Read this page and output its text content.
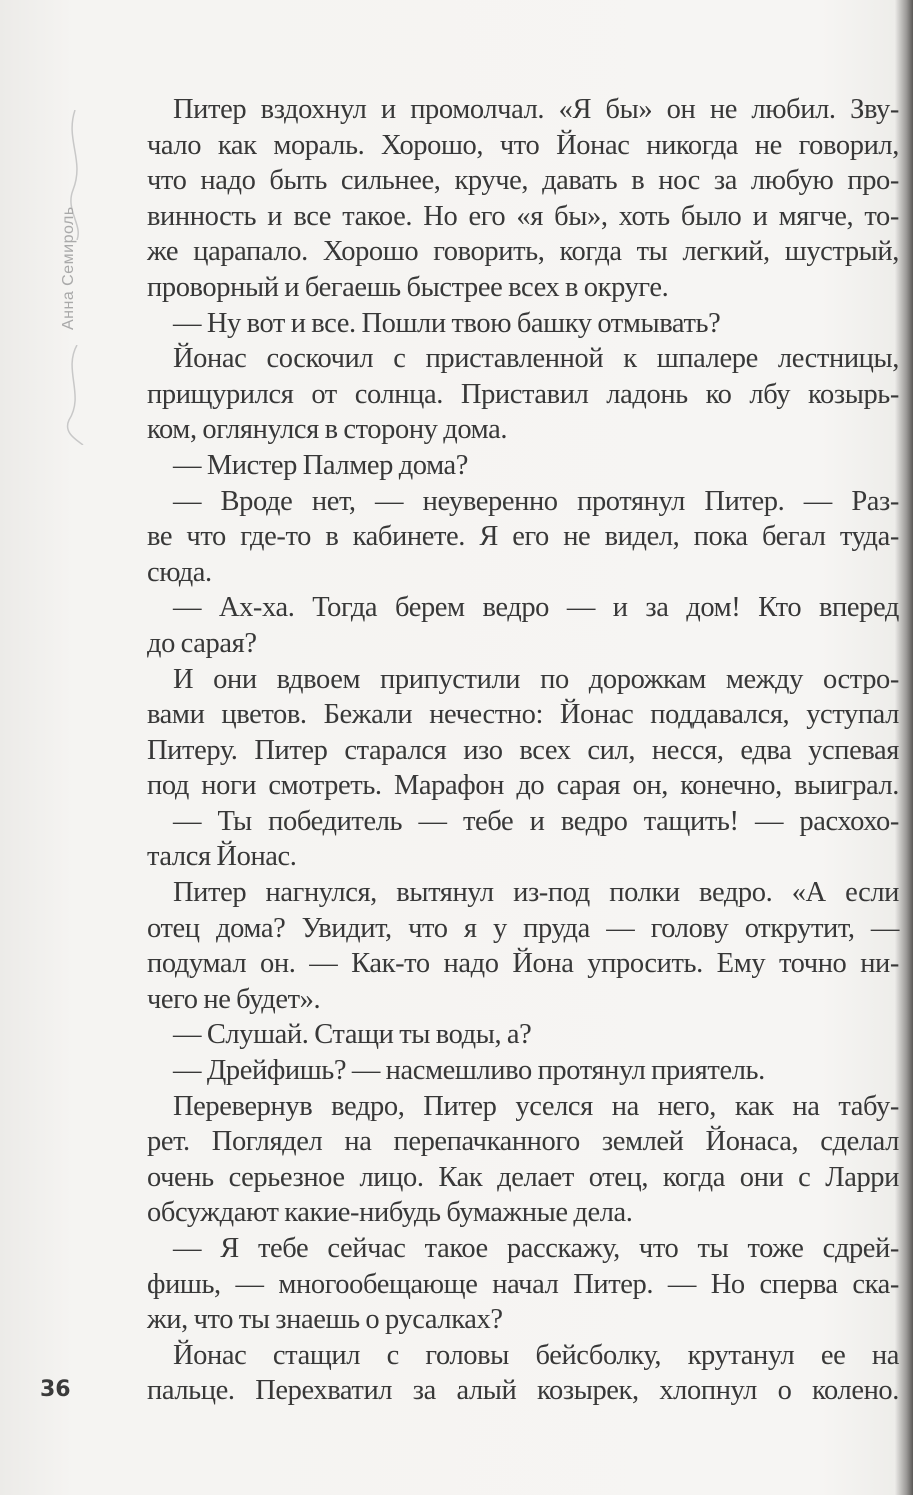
Анна Семироль
Питер вздохнул и промолчал. «Я бы» он не любил. Зву-
чало как мораль. Хорошо, что Йонас никогда не говорил,
что надо быть сильнее, круче, давать в нос за любую про-
винность и все такое. Но его «я бы», хоть было и мягче, то-
же царапало. Хорошо говорить, когда ты легкий, шустрый,
проворный и бегаешь быстрее всех в округе.
— Ну вот и все. Пошли твою башку отмывать?
Йонас соскочил с приставленной к шпалере лестницы,
прищурился от солнца. Приставил ладонь ко лбу козырь-
ком, оглянулся в сторону дома.
— Мистер Палмер дома?
— Вроде нет, — неуверенно протянул Питер. — Раз-
ве что где-то в кабинете. Я его не видел, пока бегал туда-
сюда.
— Ах-ха. Тогда берем ведро — и за дом! Кто вперед
до сарая?
И они вдвоем припустили по дорожкам между остро-
вами цветов. Бежали нечестно: Йонас поддавался, уступал
Питеру. Питер старался изо всех сил, несся, едва успевая
под ноги смотреть. Марафон до сарая он, конечно, выиграл.
— Ты победитель — тебе и ведро тащить! — расхохо-
тался Йонас.
Питер нагнулся, вытянул из-под полки ведро. «А если
отец дома? Увидит, что я у пруда — голову открутит, —
подумал он. — Как-то надо Йона упросить. Ему точно ни-
чего не будет».
— Слушай. Стащи ты воды, а?
— Дрейфишь? — насмешливо протянул приятель.
Перевернув ведро, Питер уселся на него, как на табу-
рет. Поглядел на перепачканного землей Йонаса, сделал
очень серьезное лицо. Как делает отец, когда они с Ларри
обсуждают какие-нибудь бумажные дела.
— Я тебе сейчас такое расскажу, что ты тоже сдрей-
фишь, — многообещающе начал Питер. — Но сперва ска-
жи, что ты знаешь о русалках?
Йонас стащил с головы бейсболку, крутанул ее на
пальце. Перехватил за алый козырек, хлопнул о колено.
36
